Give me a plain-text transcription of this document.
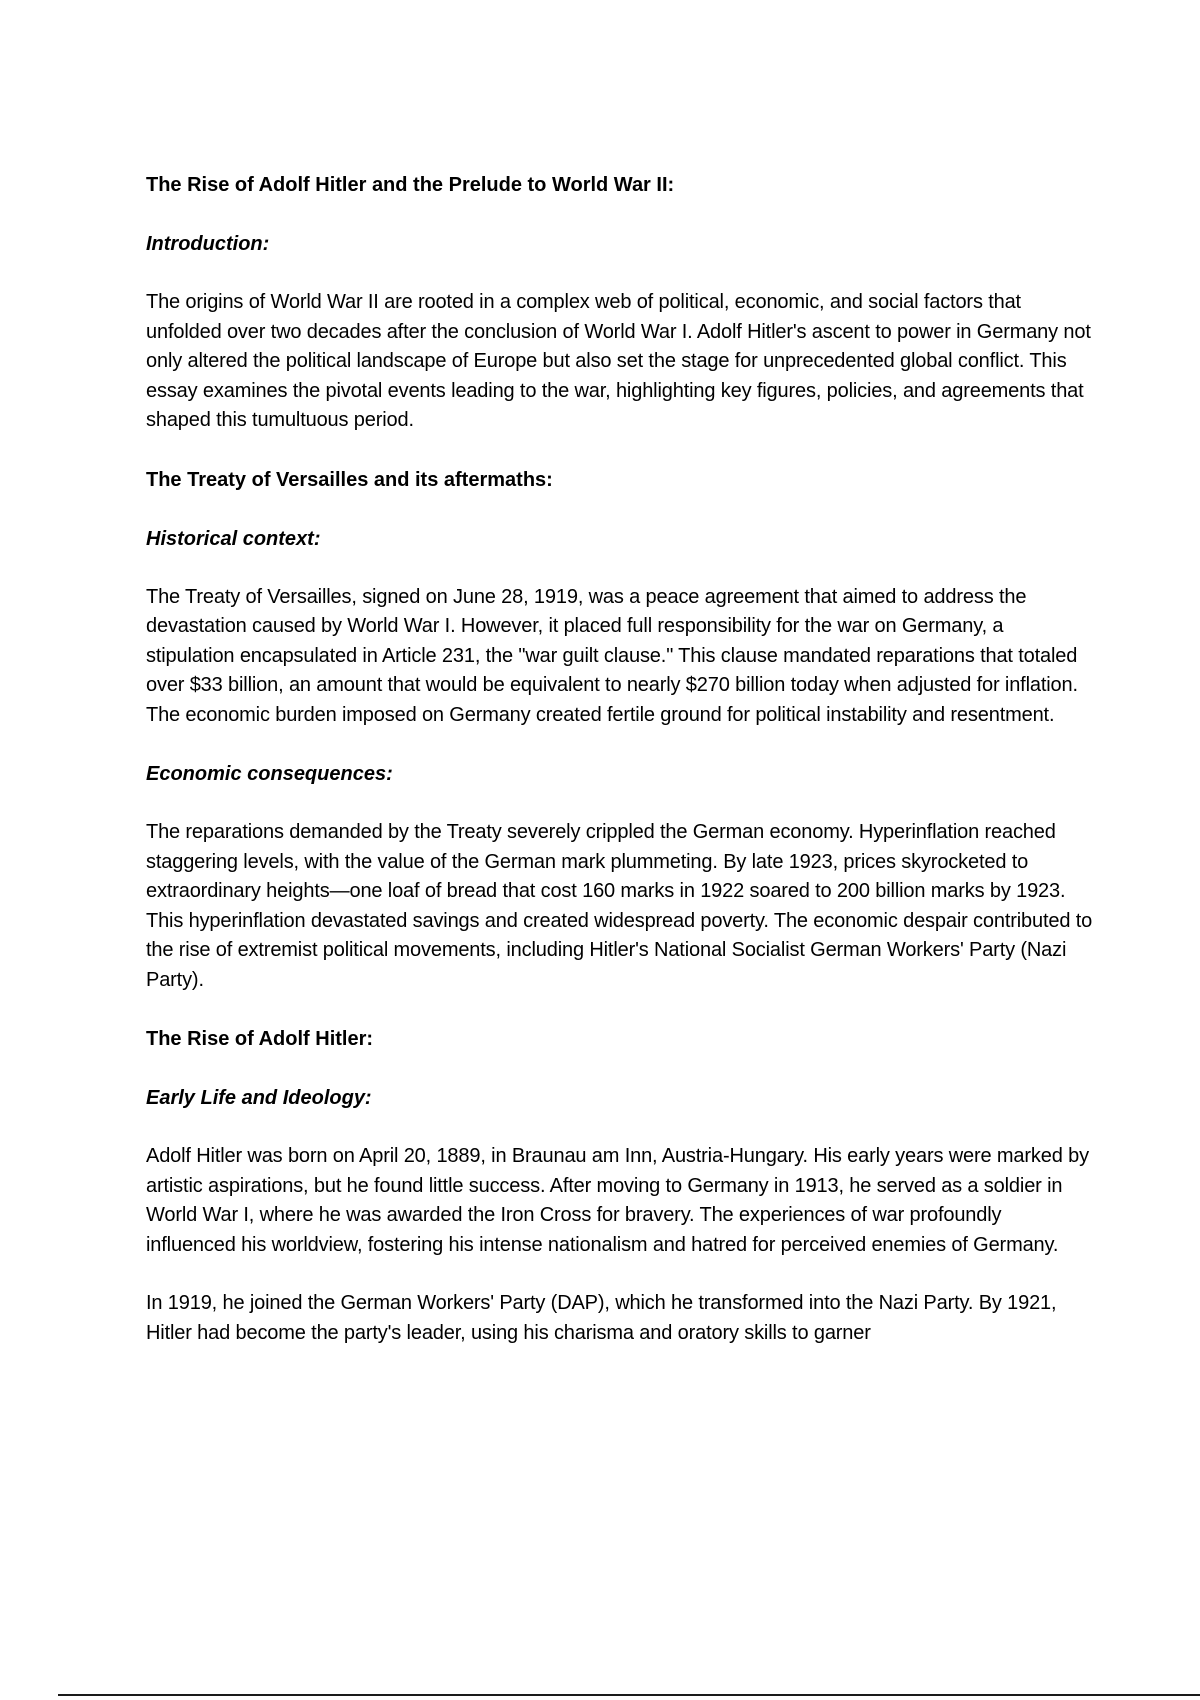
The Rise of Adolf Hitler and the Prelude to World War II:
Introduction:

The origins of World War II are rooted in a complex web of political, economic, and social factors that unfolded over two decades after the conclusion of World War I. Adolf Hitler's ascent to power in Germany not only altered the political landscape of Europe but also set the stage for unprecedented global conflict. This essay examines the pivotal events leading to the war, highlighting key figures, policies, and agreements that shaped this tumultuous period.

The Treaty of Versailles and its aftermaths:
Historical context:

The Treaty of Versailles, signed on June 28, 1919, was a peace agreement that aimed to address the devastation caused by World War I. However, it placed full responsibility for the war on Germany, a stipulation encapsulated in Article 231, the "war guilt clause." This clause mandated reparations that totaled over $33 billion, an amount that would be equivalent to nearly $270 billion today when adjusted for inflation. The economic burden imposed on Germany created fertile ground for political instability and resentment.

Economic consequences:

The reparations demanded by the Treaty severely crippled the German economy. Hyperinflation reached staggering levels, with the value of the German mark plummeting. By late 1923, prices skyrocketed to extraordinary heights—one loaf of bread that cost 160 marks in 1922 soared to 200 billion marks by 1923. This hyperinflation devastated savings and created widespread poverty. The economic despair contributed to the rise of extremist political movements, including Hitler's National Socialist German Workers' Party (Nazi Party).

The Rise of Adolf Hitler:
Early Life and Ideology:

Adolf Hitler was born on April 20, 1889, in Braunau am Inn, Austria-Hungary. His early years were marked by artistic aspirations, but he found little success. After moving to Germany in 1913, he served as a soldier in World War I, where he was awarded the Iron Cross for bravery. The experiences of war profoundly influenced his worldview, fostering his intense nationalism and hatred for perceived enemies of Germany.

In 1919, he joined the German Workers' Party (DAP), which he transformed into the Nazi Party. By 1921, Hitler had become the party's leader, using his charisma and oratory skills to garner
